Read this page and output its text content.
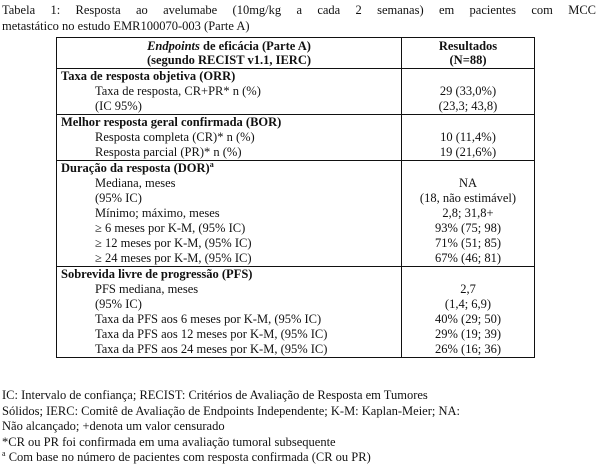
Tabela 1: Resposta ao avelumabe (10mg/kg a cada 2 semanas) em pacientes com MCC
metastático no estudo EMR100070-003 (Parte A)
Endpoints de eficácia (Parte A)
(segundo RECIST v1.1, IERC)	Resultados
(N=88)
Taxa de resposta objetiva (ORR)	
Taxa de resposta, CR+PR* n (%)	29 (33,0%)
(IC 95%)	(23,3; 43,8)
Melhor resposta geral confirmada (BOR)	
Resposta completa (CR)* n (%)	10 (11,4%)
Resposta parcial (PR)* n (%)	19 (21,6%)
Duração da resposta (DOR)$^a$	
Mediana, meses	NA
(95% IC)	(18, não estimável)
Mínimo; máximo, meses	2,8; 31,8+
≥ 6 meses por K-M, (95% IC)	93% (75; 98)
≥ 12 meses por K-M, (95% IC)	71% (51; 85)
≥ 24 meses por K-M, (95% IC)	67% (46; 81)
Sobrevida livre de progressão (PFS)	
PFS mediana, meses	2,7
(95% IC)	(1,4; 6,9)
Taxa da PFS aos 6 meses por K-M, (95% IC)	40% (29; 50)
Taxa da PFS aos 12 meses por K-M, (95% IC)	29% (19; 39)
Taxa da PFS aos 24 meses por K-M, (95% IC)	26% (16; 36)
IC: Intervalo de confiança; RECIST: Critérios de Avaliação de Resposta em Tumores
Sólidos; IERC: Comitê de Avaliação de Endpoints Independente; K-M: Kaplan-Meier; NA:
Não alcançado; +denota um valor censurado
*CR ou PR foi confirmada em uma avaliação tumoral subsequente
$^a$ Com base no número de pacientes com resposta confirmada (CR ou PR)
